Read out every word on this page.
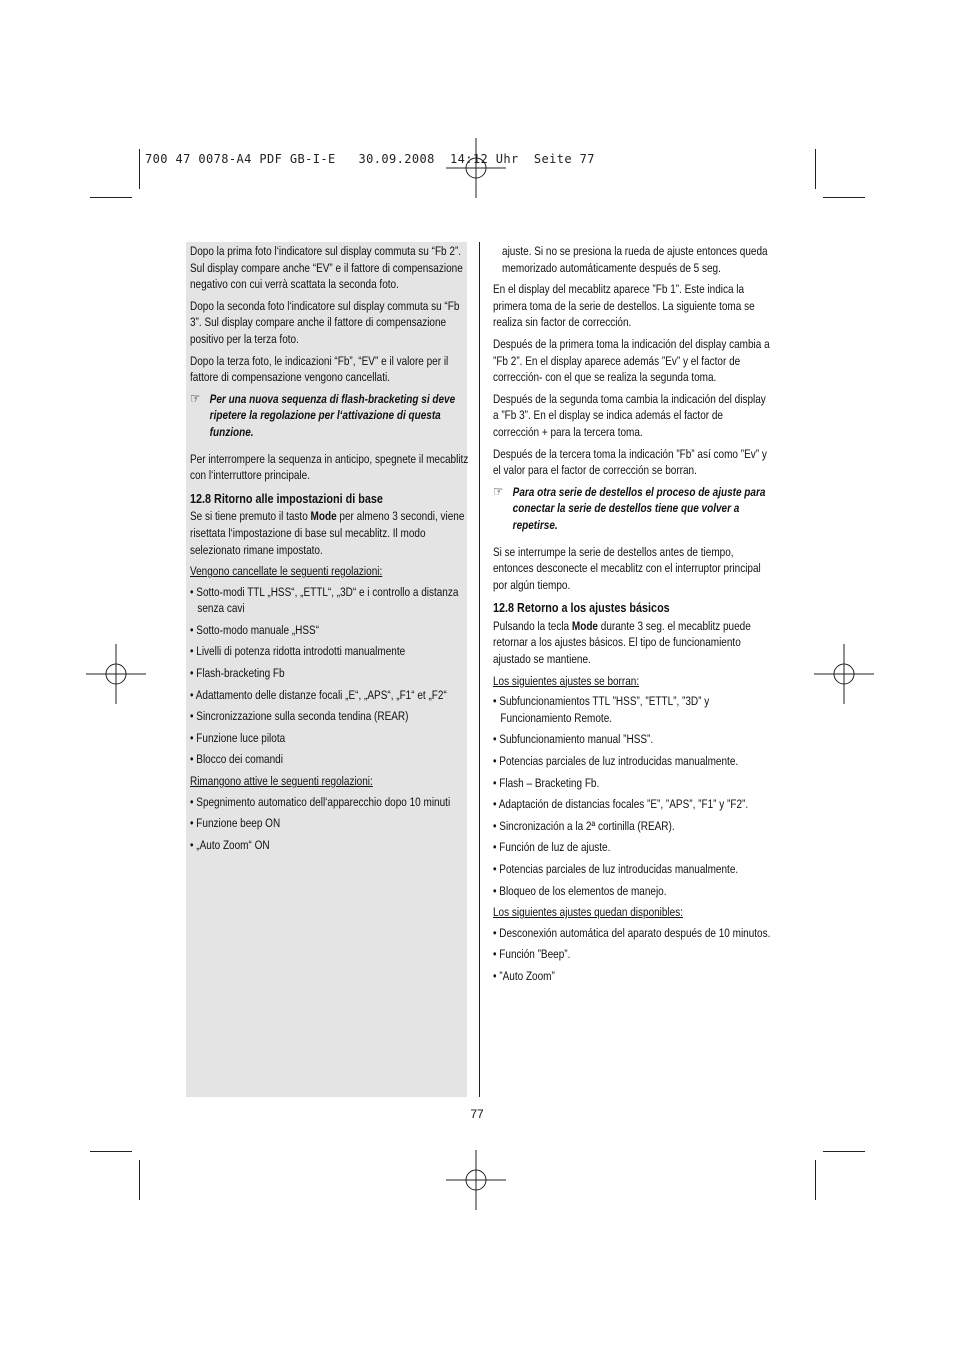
700 47 0078-A4 PDF GB-I-E   30.09.2008  14:12 Uhr  Seite 77

Dopo la prima foto l‘indicatore sul display commuta su “Fb 2”. Sul display compare anche “EV” e il fattore di compensazione negativo con cui verrà scattata la seconda foto.

Dopo la seconda foto l‘indicatore sul display commuta su “Fb 3”. Sul display compare anche il fattore di compensazione positivo per la terza foto.

Dopo la terza foto, le indicazioni “Fb”, “EV” e il valore per il fattore di compensazione vengono cancellati.

☞ Per una nuova sequenza di flash-bracketing si deve ripetere la regolazione per l‘attivazione di questa funzione.

Per interrompere la sequenza in anticipo, spegnete il mecablitz con l‘interruttore principale.

12.8 Ritorno alle impostazioni di base

Se si tiene premuto il tasto Mode per almeno 3 secondi, viene risettata l‘impostazione di base sul mecablitz. Il modo selezionato rimane impostato.

Vengono cancellate le seguenti regolazioni:
• Sotto-modi TTL „HSS“, „ETTL“, „3D“ e i controllo a distanza senza cavi
• Sotto-modo manuale „HSS“
• Livelli di potenza ridotta introdotti manualmente
• Flash-bracketing Fb
• Adattamento delle distanze focali „E“, „APS“, „F1“ et „F2“
• Sincronizzazione sulla seconda tendina (REAR)
• Funzione luce pilota
• Blocco dei comandi
Rimangono attive le seguenti regolazioni:
• Spegnimento automatico dell‘apparecchio dopo 10 minuti
• Funzione beep ON
• „Auto Zoom“ ON

ajuste. Si no se presiona la rueda de ajuste entonces queda memorizado automáticamente después de 5 seg.

En el display del mecablitz aparece ”Fb 1”. Este indica la primera toma de la serie de destellos. La siguiente toma se realiza sin factor de corrección.

Después de la primera toma la indicación del display cambia a ”Fb 2”. En el display aparece además ”Ev” y el factor de corrección- con el que se realiza la segunda toma.

Después de la segunda toma cambia la indicación del display a ”Fb 3”. En el display se indica además el factor de corrección + para la tercera toma.

Después de la tercera toma la indicación ”Fb” así como ”Ev” y el valor para el factor de corrección se borran.

☞ Para otra serie de destellos el proceso de ajuste para conectar la serie de destellos tiene que volver a repetirse.

Si se interrumpe la serie de destellos antes de tiempo, entonces desconecte el mecablitz con el interruptor principal por algún tiempo.

12.8 Retorno a los ajustes básicos

Pulsando la tecla Mode durante 3 seg. el mecablitz puede retornar a los ajustes básicos. El tipo de funcionamiento ajustado se mantiene.

Los siguientes ajustes se borran:
• Subfuncionamientos TTL ”HSS”, ”ETTL”, ”3D” y Funcionamiento Remote.
• Subfuncionamiento manual ”HSS”.
• Potencias parciales de luz introducidas manualmente.
• Flash – Bracketing Fb.
• Adaptación de distancias focales ”E”, ”APS”, ”F1” y ”F2”.
• Sincronización a la 2ª cortinilla (REAR).
• Función de luz de ajuste.
• Potencias parciales de luz introducidas manualmente.
• Bloqueo de los elementos de manejo.
Los siguientes ajustes quedan disponibles:
• Desconexión automática del aparato después de 10 minutos.
• Función ”Beep”.
• ”Auto Zoom”
77
